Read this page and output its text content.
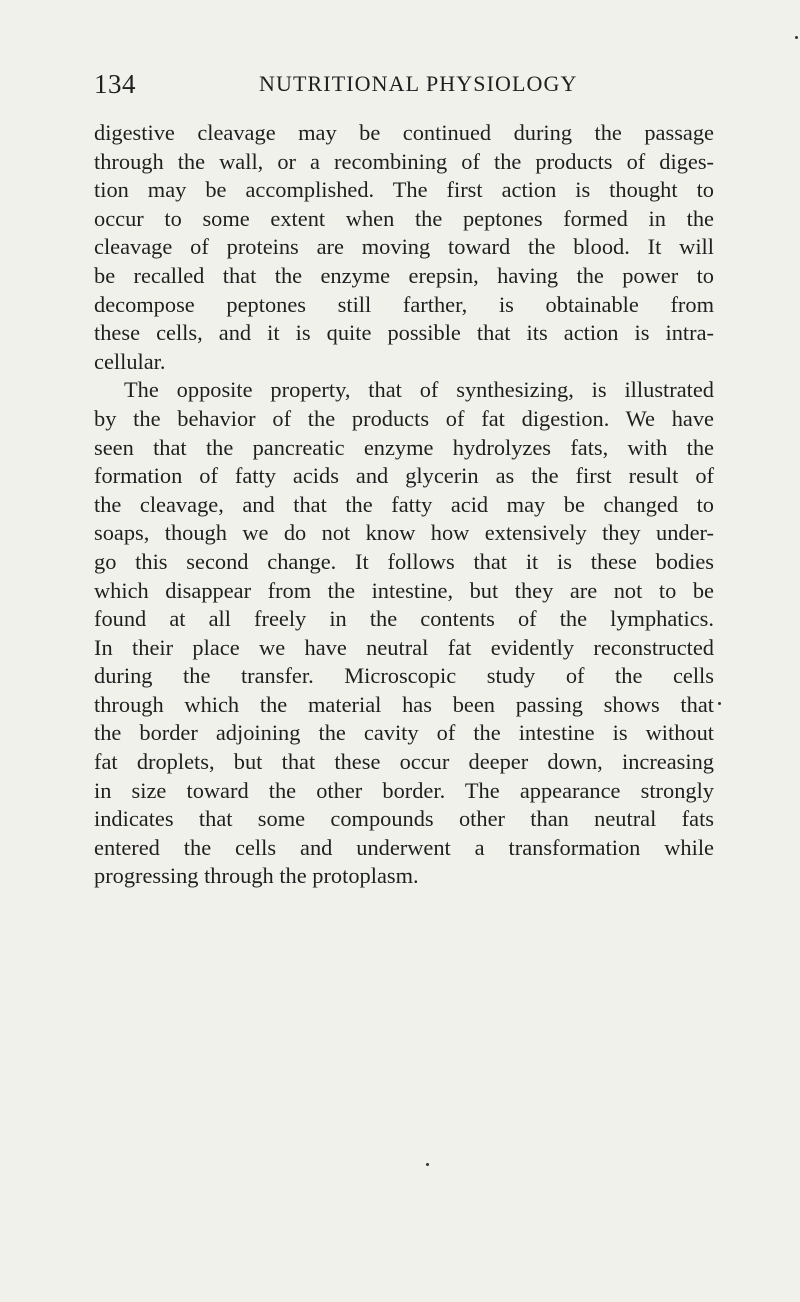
134	NUTRITIONAL PHYSIOLOGY
digestive cleavage may be continued during the passage
through the wall, or a recombining of the products of diges-
tion may be accomplished. The first action is thought to
occur to some extent when the peptones formed in the
cleavage of proteins are moving toward the blood. It will
be recalled that the enzyme erepsin, having the power to
decompose peptones still farther, is obtainable from
these cells, and it is quite possible that its action is intra-
cellular.
The opposite property, that of synthesizing, is illustrated
by the behavior of the products of fat digestion. We have
seen that the pancreatic enzyme hydrolyzes fats, with the
formation of fatty acids and glycerin as the first result of
the cleavage, and that the fatty acid may be changed to
soaps, though we do not know how extensively they under-
go this second change. It follows that it is these bodies
which disappear from the intestine, but they are not to be
found at all freely in the contents of the lymphatics.
In their place we have neutral fat evidently reconstructed
during the transfer. Microscopic study of the cells
through which the material has been passing shows that
the border adjoining the cavity of the intestine is without
fat droplets, but that these occur deeper down, increasing
in size toward the other border. The appearance strongly
indicates that some compounds other than neutral fats
entered the cells and underwent a transformation while
progressing through the protoplasm.
